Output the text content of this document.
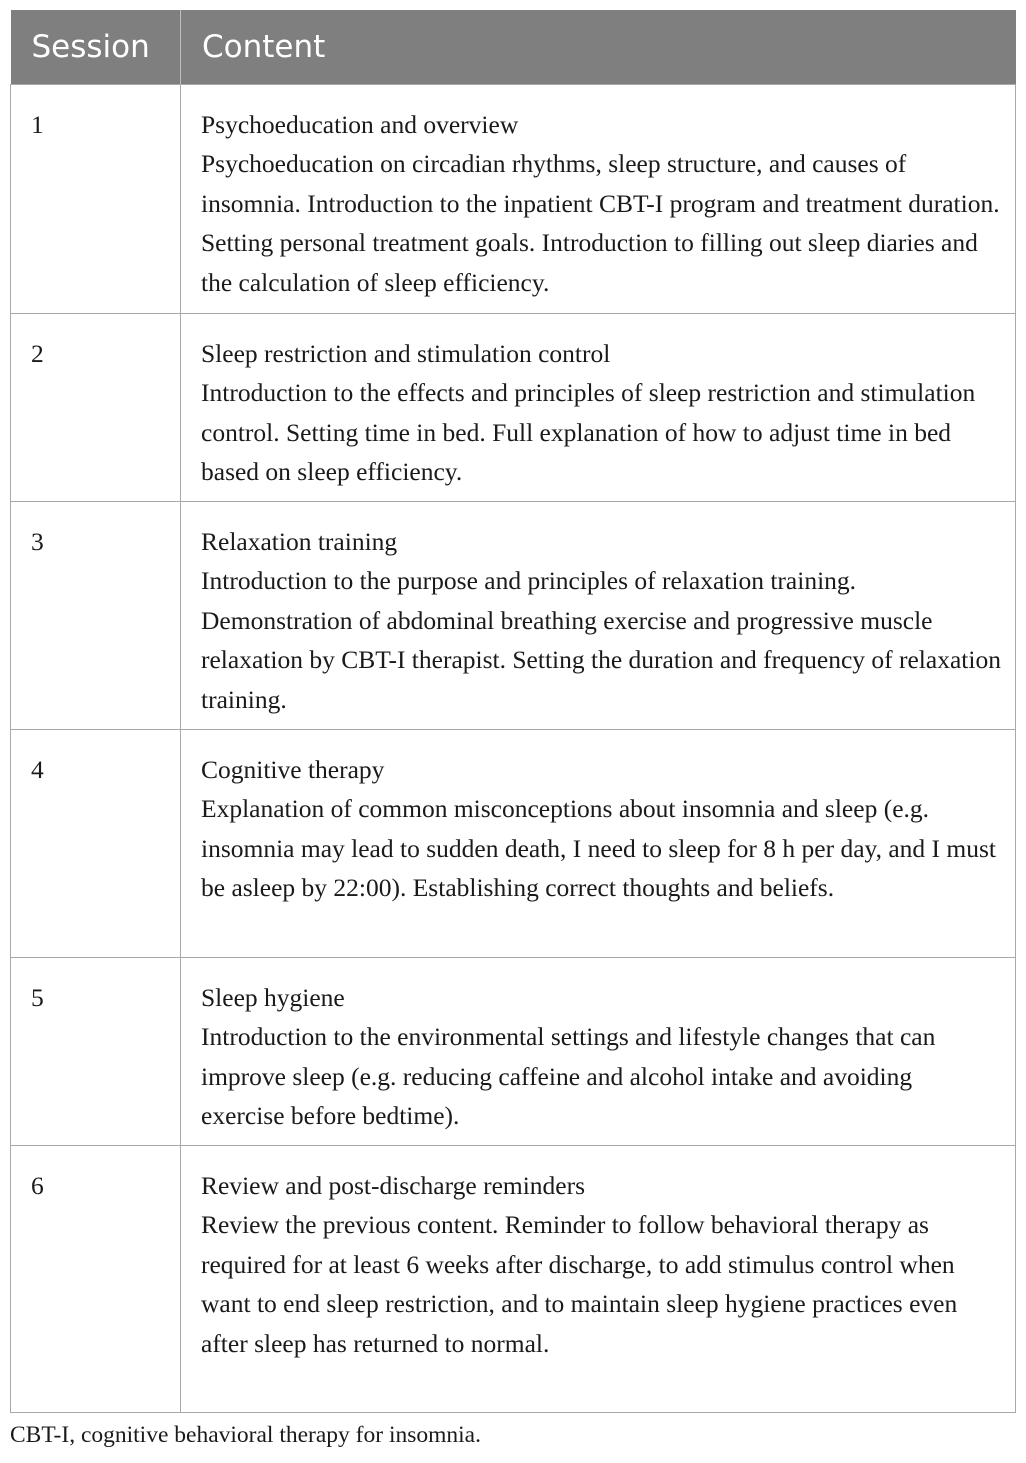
Session	Content
1	Psychoeducation and overview
Psychoeducation on circadian rhythms, sleep structure, and causes of insomnia. Introduction to the inpatient CBT-I program and treatment duration. Setting personal treatment goals. Introduction to filling out sleep diaries and the calculation of sleep efficiency.

2	Sleep restriction and stimulation control
Introduction to the effects and principles of sleep restriction and stimulation control. Setting time in bed. Full explanation of how to adjust time in bed based on sleep efficiency.

3	Relaxation training
Introduction to the purpose and principles of relaxation training. Demonstration of abdominal breathing exercise and progressive muscle relaxation by CBT-I therapist. Setting the duration and frequency of relaxation training.

4	Cognitive therapy
Explanation of common misconceptions about insomnia and sleep (e.g. insomnia may lead to sudden death, I need to sleep for 8 h per day, and I must be asleep by 22:00). Establishing correct thoughts and beliefs.

5	Sleep hygiene
Introduction to the environmental settings and lifestyle changes that can improve sleep (e.g. reducing caffeine and alcohol intake and avoiding exercise before bedtime).

6	Review and post-discharge reminders
Review the previous content. Reminder to follow behavioral therapy as required for at least 6 weeks after discharge, to add stimulus control when want to end sleep restriction, and to maintain sleep hygiene practices even after sleep has returned to normal.
CBT-I, cognitive behavioral therapy for insomnia.
